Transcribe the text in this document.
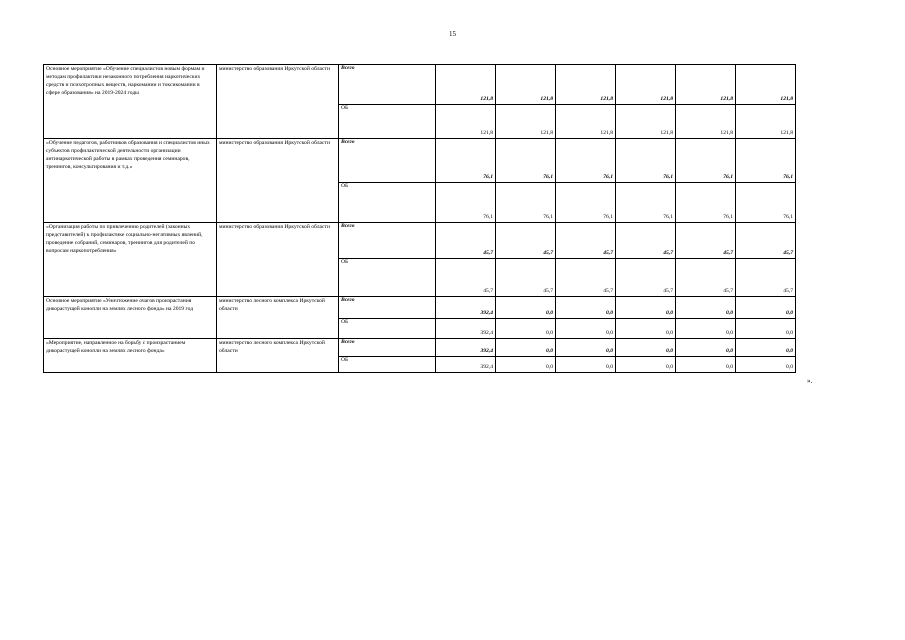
15
Основное мероприятие «Обучение специалистов новым формам и методам профилактики незаконного потребления наркотических средств и психотропных веществ, наркомании и токсикомании в сфере образования» на 2019-2024 годы	министерство образования Иркутской области	Всего	121,8	121,8	121,8	121,8	121,8	121,8
		ОБ	121,8	121,8	121,8	121,8	121,8	121,8
«Обучение педагогов, работников образования и специалистов иных субъектов профилактической деятельности организации антинаркотической работы в рамках проведения семинаров, тренингов, консультирования и т.д.»	министерство образования Иркутской области	Всего	76,1	76,1	76,1	76,1	76,1	76,1
		ОБ	76,1	76,1	76,1	76,1	76,1	76,1
«Организация работы по привлечению родителей (законных представителей) к профилактике социально-негативных явлений, проведение собраний, семинаров, тренингов для родителей по вопросам наркопотребления»	министерство образования Иркутской области	Всего	45,7	45,7	45,7	45,7	45,7	45,7
		ОБ	45,7	45,7	45,7	45,7	45,7	45,7
Основное мероприятие «Уничтожение очагов произрастания дикорастущей конопли на землях лесного фонда» на 2019 год	министерство лесного комплекса Иркутской области	Всего	392,4	0,0	0,0	0,0	0,0	0,0
		ОБ	392,4	0,0	0,0	0,0	0,0	0,0
«Мероприятие, направленное на борьбу с произрастанием дикорастущей конопли на землях лесного фонда»	министерство лесного комплекса Иркутской области	Всего	392,4	0,0	0,0	0,0	0,0	0,0
		ОБ	392,4	0,0	0,0	0,0	0,0	0,0
».
